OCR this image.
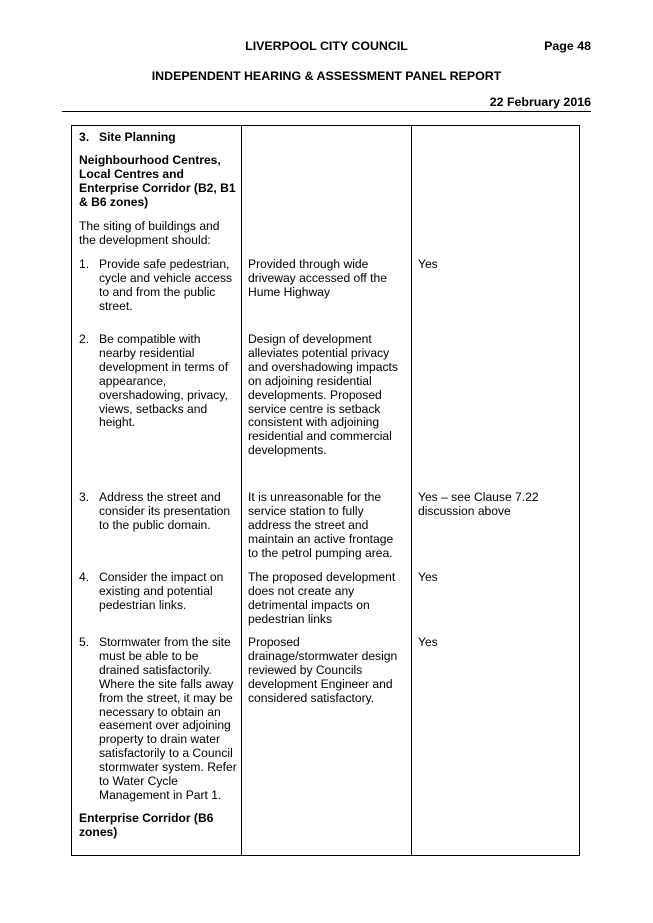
LIVERPOOL CITY COUNCIL	Page 48
INDEPENDENT HEARING & ASSESSMENT PANEL REPORT
22 February 2016
3. Site Planning
Neighbourhood Centres, Local Centres and Enterprise Corridor (B2, B1 & B6 zones)
The siting of buildings and the development should:
1. Provide safe pedestrian, cycle and vehicle access to and from the public street.
Provided through wide driveway accessed off the Hume Highway
Yes
2. Be compatible with nearby residential development in terms of appearance, overshadowing, privacy, views, setbacks and height.
Design of development alleviates potential privacy and overshadowing impacts on adjoining residential developments. Proposed service centre is setback consistent with adjoining residential and commercial developments.
3. Address the street and consider its presentation to the public domain.
It is unreasonable for the service station to fully address the street and maintain an active frontage to the petrol pumping area.
Yes – see Clause 7.22 discussion above
4. Consider the impact on existing and potential pedestrian links.
The proposed development does not create any detrimental impacts on pedestrian links
Yes
5. Stormwater from the site must be able to be drained satisfactorily. Where the site falls away from the street, it may be necessary to obtain an easement over adjoining property to drain water satisfactorily to a Council stormwater system. Refer to Water Cycle Management in Part 1.
Proposed drainage/stormwater design reviewed by Councils development Engineer and considered satisfactory.
Yes
Enterprise Corridor (B6 zones)
